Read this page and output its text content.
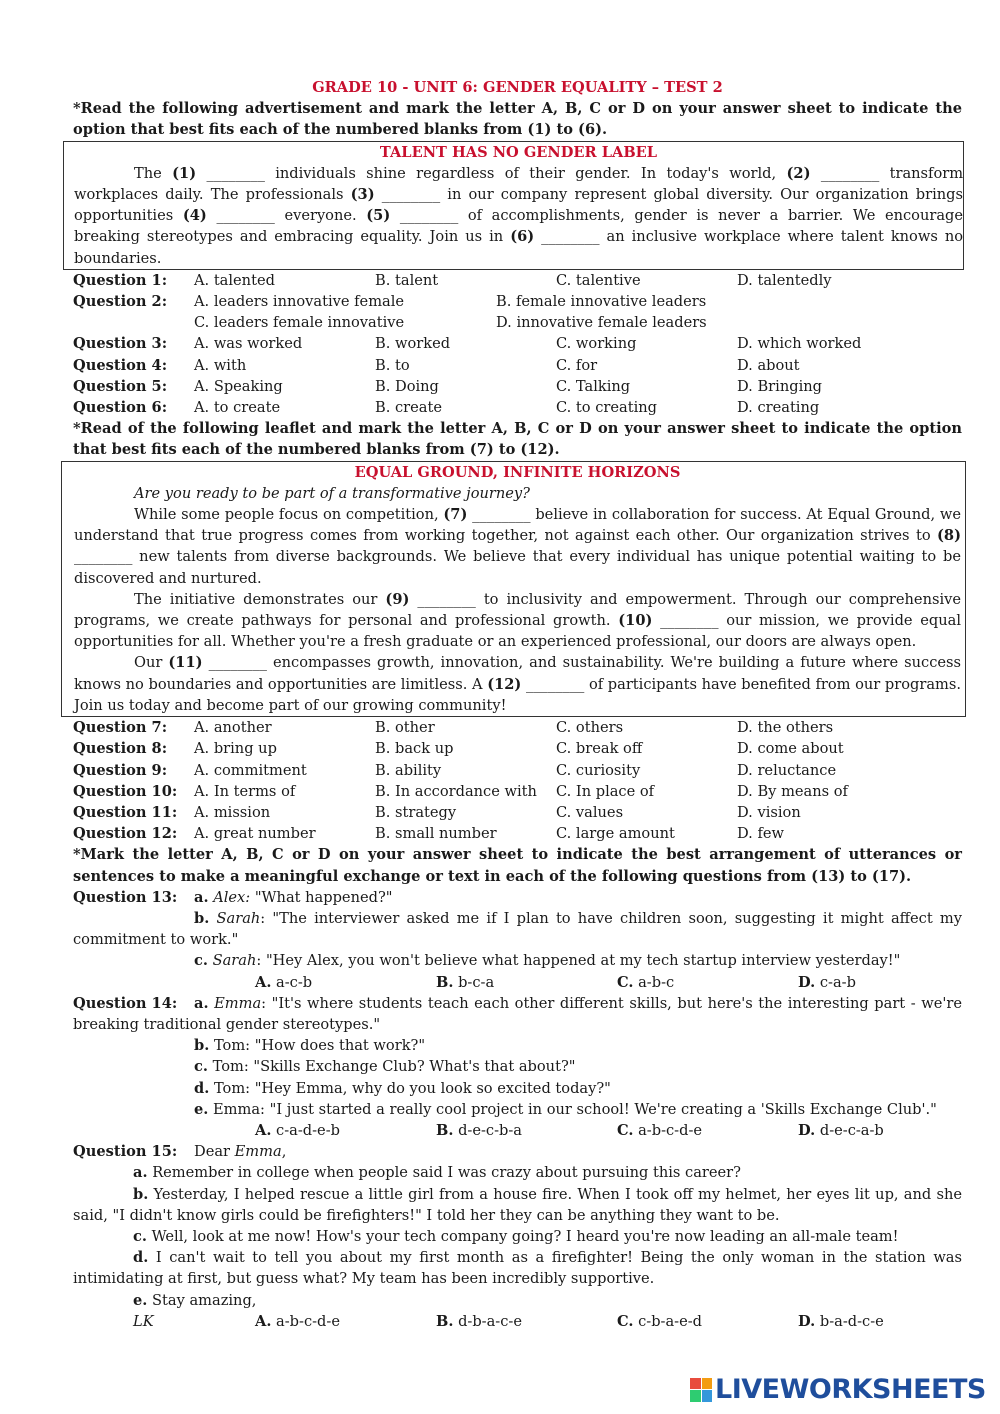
GRADE 10 - UNIT 6: GENDER EQUALITY – TEST 2
*Read the following advertisement and mark the letter A, B, C or D on your answer sheet to indicate the option that best fits each of the numbered blanks from (1) to (6).
TALENT HAS NO GENDER LABEL
The (1) ________ individuals shine regardless of their gender. In today's world, (2) ________ transform workplaces daily. The professionals (3) ________ in our company represent global diversity. Our organization brings opportunities (4) ________ everyone. (5) ________ of accomplishments, gender is never a barrier. We encourage breaking stereotypes and embracing equality. Join us in (6) ________ an inclusive workplace where talent knows no boundaries.
Question 1:	A. talented	B. talent	C. talentive	D. talentedly
Question 2:	A. leaders innovative female	B. female innovative leaders
C. leaders female innovative	D. innovative female leaders
Question 3:	A. was worked	B. worked	C. working	D. which worked
Question 4:	A. with	B. to	C. for	D. about
Question 5:	A. Speaking	B. Doing	C. Talking	D. Bringing
Question 6:	A. to create	B. create	C. to creating	D. creating
*Read of the following leaflet and mark the letter A, B, C or D on your answer sheet to indicate the option that best fits each of the numbered blanks from (7) to (12).
EQUAL GROUND, INFINITE HORIZONS
Are you ready to be part of a transformative journey?
While some people focus on competition, (7) ________ believe in collaboration for success. At Equal Ground, we understand that true progress comes from working together, not against each other. Our organization strives to (8) ________ new talents from diverse backgrounds. We believe that every individual has unique potential waiting to be discovered and nurtured.
The initiative demonstrates our (9) ________ to inclusivity and empowerment. Through our comprehensive programs, we create pathways for personal and professional growth. (10) ________ our mission, we provide equal opportunities for all. Whether you're a fresh graduate or an experienced professional, our doors are always open.
Our (11) ________ encompasses growth, innovation, and sustainability. We're building a future where success knows no boundaries and opportunities are limitless. A (12) ________ of participants have benefited from our programs. Join us today and become part of our growing community!
Question 7:	A. another	B. other	C. others	D. the others
Question 8:	A. bring up	B. back up	C. break off	D. come about
Question 9:	A. commitment	B. ability	C. curiosity	D. reluctance
Question 10:	A. In terms of	B. In accordance with	C. In place of	D. By means of
Question 11:	A. mission	B. strategy	C. values	D. vision
Question 12:	A. great number	B. small number	C. large amount	D. few
*Mark the letter A, B, C or D on your answer sheet to indicate the best arrangement of utterances or sentences to make a meaningful exchange or text in each of the following questions from (13) to (17).
Question 13: a. Alex: "What happened?"
b. Sarah: "The interviewer asked me if I plan to have children soon, suggesting it might affect my commitment to work."
c. Sarah: "Hey Alex, you won't believe what happened at my tech startup interview yesterday!"
A. a-c-b	B. b-c-a	C. a-b-c	D. c-a-b
Question 14: a. Emma: "It's where students teach each other different skills, but here's the interesting part - we're breaking traditional gender stereotypes."
b. Tom: "How does that work?"
c. Tom: "Skills Exchange Club? What's that about?"
d. Tom: "Hey Emma, why do you look so excited today?"
e. Emma: "I just started a really cool project in our school! We're creating a 'Skills Exchange Club'."
A. c-a-d-e-b	B. d-e-c-b-a	C. a-b-c-d-e	D. d-e-c-a-b
Question 15: Dear Emma,
a. Remember in college when people said I was crazy about pursuing this career?
b. Yesterday, I helped rescue a little girl from a house fire. When I took off my helmet, her eyes lit up, and she said, "I didn't know girls could be firefighters!" I told her they can be anything they want to be.
c. Well, look at me now! How's your tech company going? I heard you're now leading an all-male team!
d. I can't wait to tell you about my first month as a firefighter! Being the only woman in the station was intimidating at first, but guess what? My team has been incredibly supportive.
e. Stay amazing,
LK	A. a-b-c-d-e	B. d-b-a-c-e	C. c-b-a-e-d	D. b-a-d-c-e
LIVEWORKSHEETS
